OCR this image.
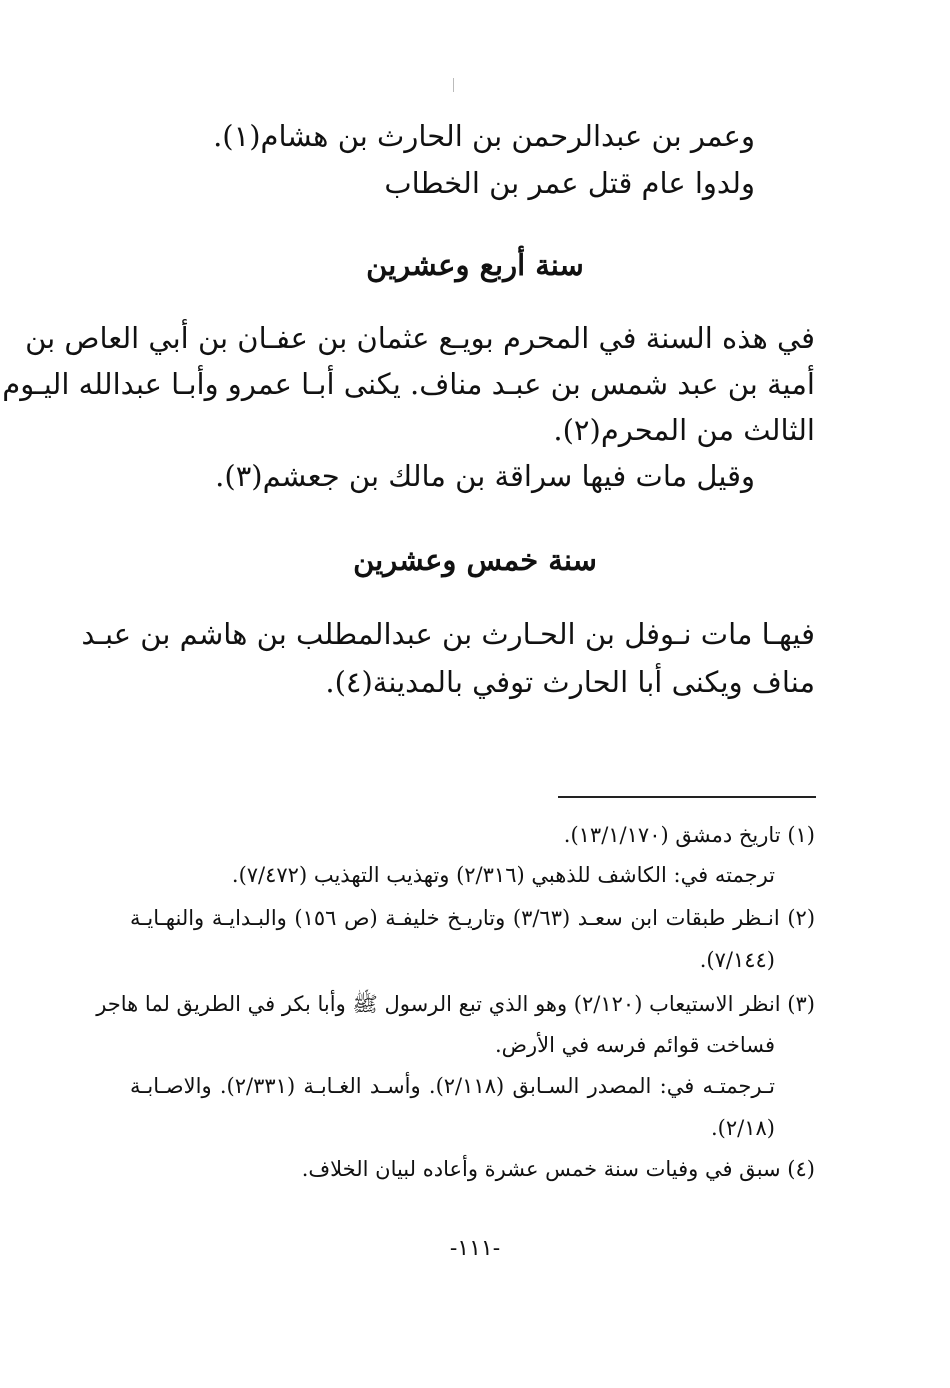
وعمر بن عبدالرحمن بن الحارث بن هشام(١).
ولدوا عام قتل عمر بن الخطاب
سنة أربع وعشرين
في هذه السنة في المحرم بويـع عثمان بن عفـان بن أبي العاص بن
أمية بن عبد شمس بن عبـد مناف. يكنى أبـا عمرو وأبـا عبدالله اليـوم
الثالث من المحرم(٢).
وقيل مات فيها سراقة بن مالك بن جعشم(٣).
سنة خمس وعشرين
فيهـا مات نـوفل بن الحـارث بن عبدالمطلب بن هاشم بن عبـد
مناف ويكنى أبا الحارث توفي بالمدينة(٤).
(١) تاريخ دمشق (١٣/١/١٧٠).
ترجمته في: الكاشف للذهبي (٢/٣١٦) وتهذيب التهذيب (٧/٤٧٢).
(٢) انـظر طبقات ابن سعـد (٣/٦٣) وتاريـخ خليفـة (ص ١٥٦) والبـدايـة والنهـايـة
(٧/١٤٤).
(٣) انظر الاستيعاب (٢/١٢٠) وهو الذي تبع الرسول ﷺ وأبا بكر في الطريق لما هاجر
فساخت قوائم فرسه في الأرض.
تـرجمتـه في: المصدر السـابق (٢/١١٨). وأسـد الغـابـة (٢/٣٣١). والاصـابـة
(٢/١٨).
(٤) سبق في وفيات سنة خمس عشرة وأعاده لبيان الخلاف.
-١١١-
